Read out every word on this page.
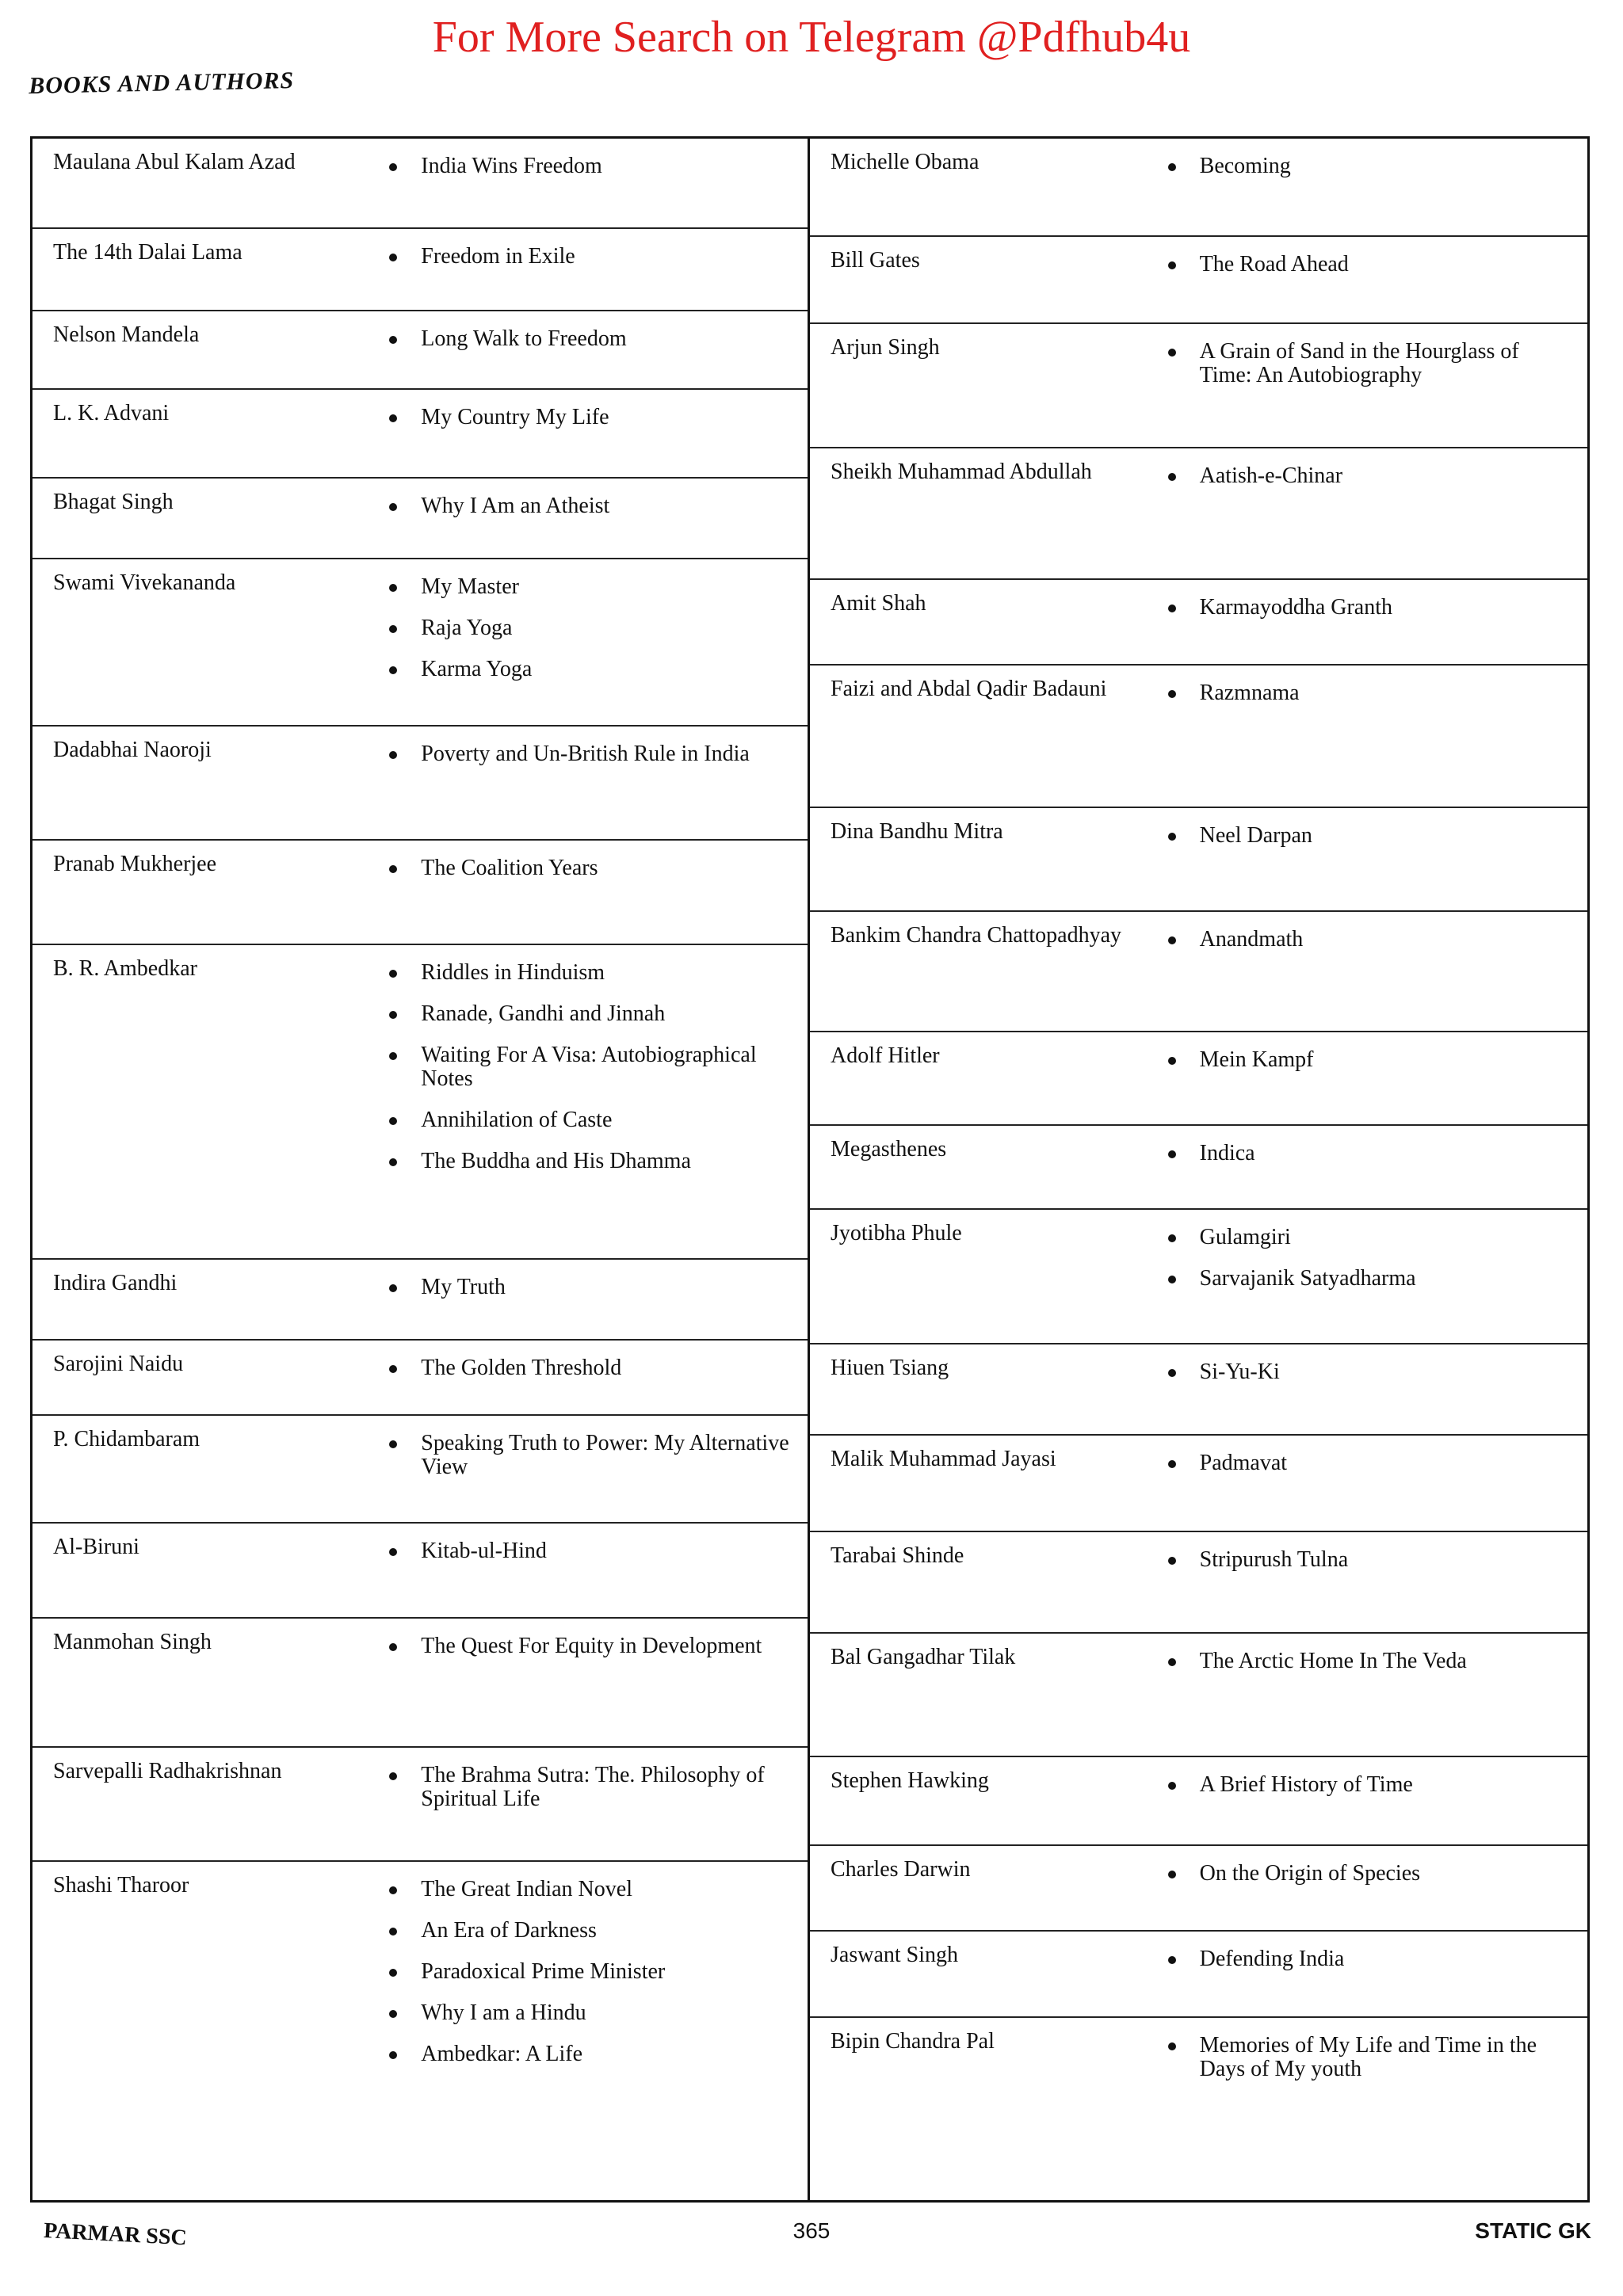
For More Search on Telegram @Pdfhub4u
BOOKS AND AUTHORS
Maulana Abul Kalam Azad	India Wins Freedom
The 14th Dalai Lama	Freedom in Exile
Nelson Mandela	Long Walk to Freedom
L. K. Advani	My Country My Life
Bhagat Singh	Why I Am an Atheist
Swami Vivekananda	My Master
Raja Yoga
Karma Yoga
Dadabhai Naoroji	Poverty and Un-British Rule in India
Pranab Mukherjee	The Coalition Years
B. R. Ambedkar	Riddles in Hinduism
Ranade, Gandhi and Jinnah
Waiting For A Visa: Autobiographical Notes
Annihilation of Caste
The Buddha and His Dhamma
Indira Gandhi	My Truth
Sarojini Naidu	The Golden Threshold
P. Chidambaram	Speaking Truth to Power: My Alternative View
Al-Biruni	Kitab-ul-Hind
Manmohan Singh	The Quest For Equity in Development
Sarvepalli Radhakrishnan	The Brahma Sutra: The. Philosophy of Spiritual Life
Shashi Tharoor	The Great Indian Novel
An Era of Darkness
Paradoxical Prime Minister
Why I am a Hindu
Ambedkar: A Life
Michelle Obama	Becoming
Bill Gates	The Road Ahead
Arjun Singh	A Grain of Sand in the Hourglass of Time: An Autobiography
Sheikh Muhammad Abdullah	Aatish-e-Chinar
Amit Shah	Karmayoddha Granth
Faizi and Abdal Qadir Badauni	Razmnama
Dina Bandhu Mitra	Neel Darpan
Bankim Chandra Chattopadhyay	Anandmath
Adolf Hitler	Mein Kampf
Megasthenes	Indica
Jyotibha Phule	Gulamgiri
Sarvajanik Satyadharma
Hiuen Tsiang	Si-Yu-Ki
Malik Muhammad Jayasi	Padmavat
Tarabai Shinde	Stripurush Tulna
Bal Gangadhar Tilak	The Arctic Home In The Veda
Stephen Hawking	A Brief History of Time
Charles Darwin	On the Origin of Species
Jaswant Singh	Defending India
Bipin Chandra Pal	Memories of My Life and Time in the Days of My youth
PARMAR SSC	365	STATIC GK
